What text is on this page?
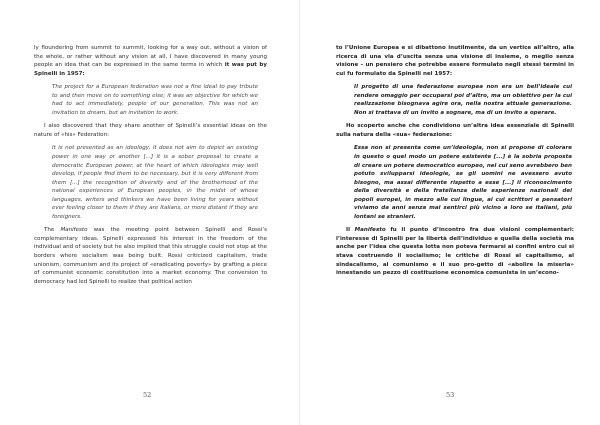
ly floundering from summit to summit, looking for a way out, without a vision of the whole, or rather without any vision at all, I have discovered in many young people an idea that can be expressed in the same terms in which it was put by Spinelli in 1957:

The project for a European federation was not a fine ideal to pay tribute to and then move on to something else; it was an objective for which we had to act immediately, people of our generation. This was not an invitation to dream, but an invitation to work.

I also discovered that they share another of Spinelli’s essential ideas on the nature of «his» Federation:

It is not presented as an ideology, it does not aim to depict an existing power in one way or another [...] it is a sober proposal to create a democratic European power, at the heart of which ideologies may well develop, if people find them to be necessary, but it is very different from them [...] the recognition of diversity and of the brotherhood of the national experiences of European peoples, in the midst of whose languages, writers and thinkers we have been living for years without ever feeling closer to them if they are Italians, or more distant if they are foreigners.

The Manifesto was the meeting point between Spinelli and Rossi’s complementary ideas. Spinelli expressed his interest in the freedom of the individual and of society but he also implied that this struggle could not stop at the borders where socialism was being built. Rossi criticized capitalism, trade unionism, communism and its project of «eradicating poverty» by grafting a piece of communist economic constitution into a market economy. The conversion to democracy had led Spinelli to realize that political action

52

to l’Unione Europea e si dibattono inutilmente, da un vertice all’altro, alla ricerca di una via d’uscita senza una visione di insieme, o meglio senza visione – un pensiero che potrebbe essere formulato negli stessi termini in cui fu formulato da Spinelli nel 1957:

Il progetto di una federazione europea non era un bell’ideale cui rendere omaggio per occuparsi poi d’altro, ma un obiettivo per la cui realizzazione bisognava agire ora, nella nostra attuale generazione. Non si trattava di un invito a sognare, ma di un invito a operare.

Ho scoperto anche che condividono un’altra idea essenziale di Spinelli sulla natura della «sua» federazione:

Essa non si presenta come un’ideologia, non si propone di colorare in questo o quel modo un potere esistente [...] è la sobria proposta di creare un potere democratico europeo, nel cui seno avrebbero ben potuto svilupparsi ideologie, se gli uomini ne avessero avuto bisogno, ma assai differente rispetto a esse [...] il riconoscimento della diversità e della fratellanza delle esperienze nazionali dei popoli europei, in mezzo alle cui lingue, ai cui scrittori e pensatori viviamo da anni senza mai sentirci più vicino a loro se italiani, più lontani se stranieri.

Il Manifesto fu il punto d’incontro fra due visioni complementari: l’interesse di Spinelli per la libertà dell’individuo e quella della società ma anche per l’idea che questa lotta non poteva fermarsi ai confini entro cui si stava costruendo il socialismo; le critiche di Rossi al capitalismo, al sindacalismo, al comunismo e il suo pro-getto di «abolire la miseria» innestando un pezzo di costituzione economica comunista in un’econo-

53
